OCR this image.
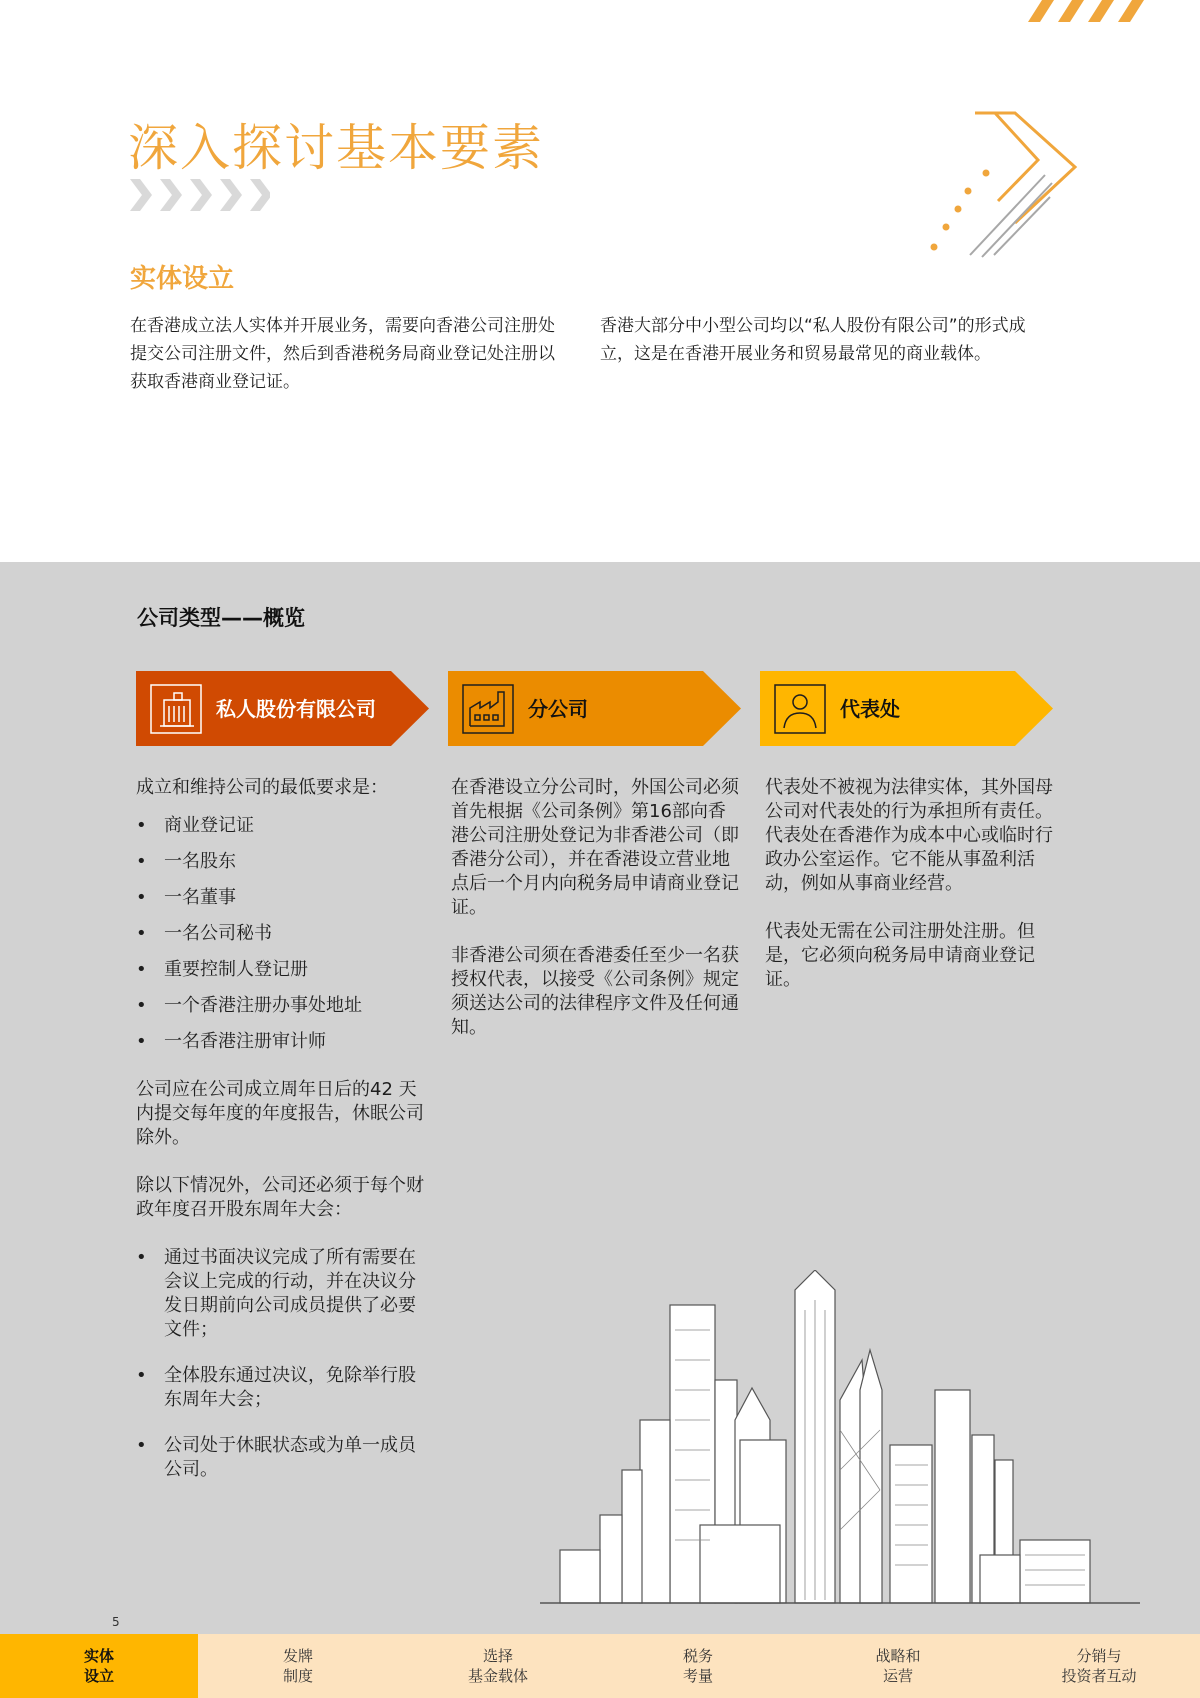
深入探讨基本要素
实体设立

在香港成立法人实体并开展业务，需要向香港公司注册处提交公司注册文件，然后到香港税务局商业登记处注册以获取香港商业登记证。

香港大部分中小型公司均以“私人股份有限公司”的形式成立，这是在香港开展业务和贸易最常见的商业载体。

公司类型——概览
私人股份有限公司	分公司	代表处

成立和维持公司的最低要求是：

• 商业登记证
• 一名股东
• 一名董事
• 一名公司秘书
• 重要控制人登记册
• 一个香港注册办事处地址
• 一名香港注册审计师

公司应在公司成立周年日后的42 天内提交每年度的年度报告，休眠公司除外。

除以下情况外，公司还必须于每个财政年度召开股东周年大会：

• 通过书面决议完成了所有需要在会议上完成的行动，并在决议分发日期前向公司成员提供了必要文件；
• 全体股东通过决议，免除举行股东周年大会；
• 公司处于休眠状态或为单一成员公司。

在香港设立分公司时，外国公司必须首先根据《公司条例》第16部向香港公司注册处登记为非香港公司（即香港分公司），并在香港设立营业地点后一个月内向税务局申请商业登记证。

非香港公司须在香港委任至少一名获授权代表，以接受《公司条例》规定须送达公司的法律程序文件及任何通知。

代表处不被视为法律实体，其外国母公司对代表处的行为承担所有责任。代表处在香港作为成本中心或临时行政办公室运作。它不能从事盈利活动，例如从事商业经营。

代表处无需在公司注册处注册。但是，它必须向税务局申请商业登记证。

5
实体
设立
发牌
制度
选择
基金载体
税务
考量
战略和
运营
分销与
投资者互动
